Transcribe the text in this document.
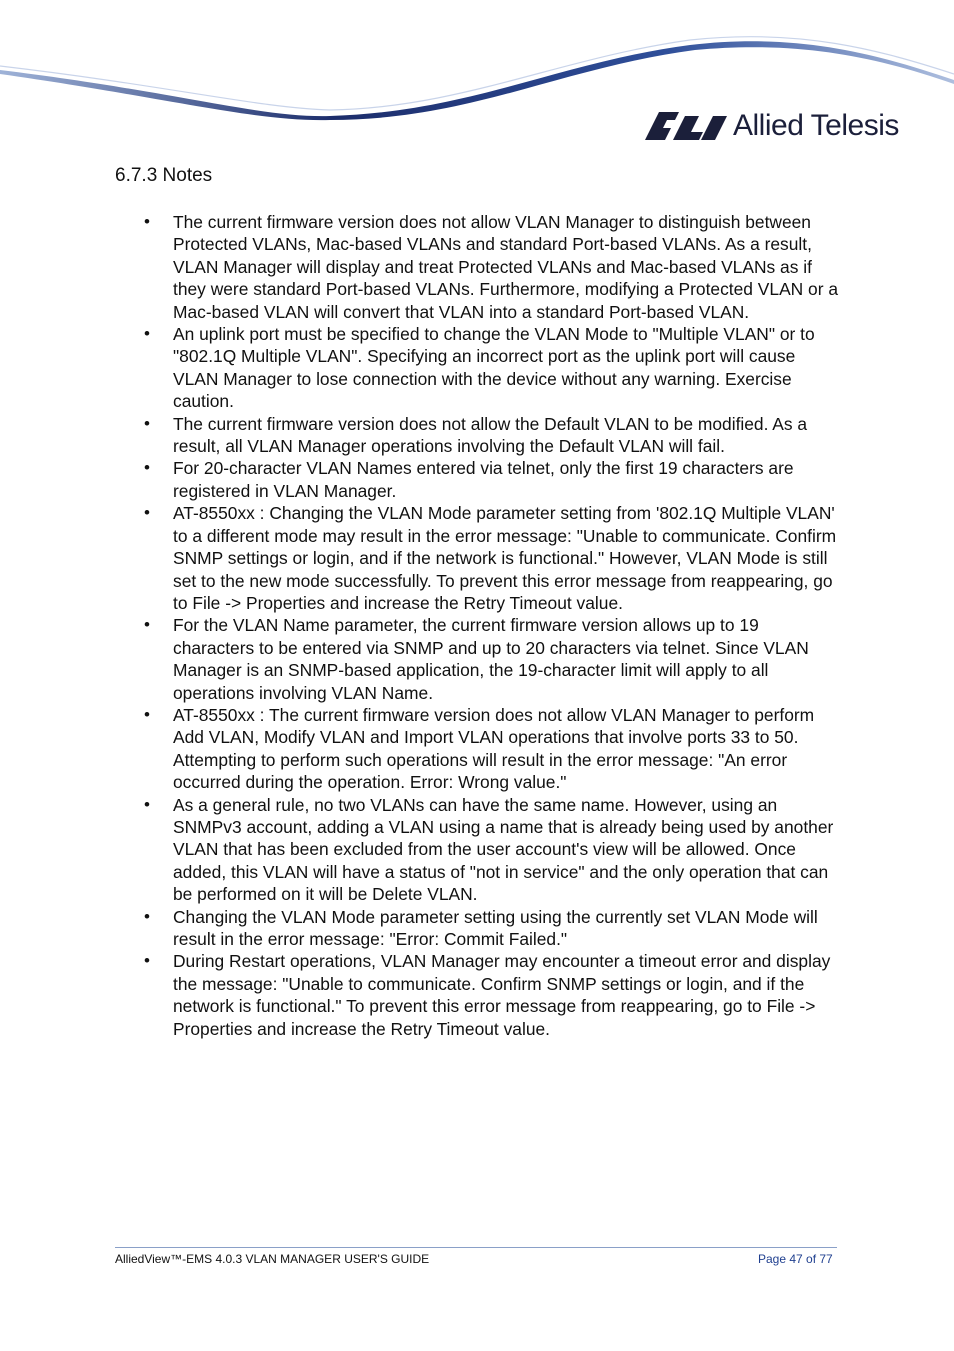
Allied Telesis
6.7.3 Notes
• The current firmware version does not allow VLAN Manager to distinguish between Protected VLANs, Mac-based VLANs and standard Port-based VLANs. As a result, VLAN Manager will display and treat Protected VLANs and Mac-based VLANs as if they were standard Port-based VLANs. Furthermore, modifying a Protected VLAN or a Mac-based VLAN will convert that VLAN into a standard Port-based VLAN.
• An uplink port must be specified to change the VLAN Mode to "Multiple VLAN" or to "802.1Q Multiple VLAN". Specifying an incorrect port as the uplink port will cause VLAN Manager to lose connection with the device without any warning. Exercise caution.
• The current firmware version does not allow the Default VLAN to be modified. As a result, all VLAN Manager operations involving the Default VLAN will fail.
• For 20-character VLAN Names entered via telnet, only the first 19 characters are registered in VLAN Manager.
• AT-8550xx : Changing the VLAN Mode parameter setting from '802.1Q Multiple VLAN' to a different mode may result in the error message: "Unable to communicate. Confirm SNMP settings or login, and if the network is functional." However, VLAN Mode is still set to the new mode successfully. To prevent this error message from reappearing, go to File -> Properties and increase the Retry Timeout value.
• For the VLAN Name parameter, the current firmware version allows up to 19 characters to be entered via SNMP and up to 20 characters via telnet. Since VLAN Manager is an SNMP-based application, the 19-character limit will apply to all operations involving VLAN Name.
• AT-8550xx : The current firmware version does not allow VLAN Manager to perform Add VLAN, Modify VLAN and Import VLAN operations that involve ports 33 to 50. Attempting to perform such operations will result in the error message: "An error occurred during the operation. Error: Wrong value."
• As a general rule, no two VLANs can have the same name. However, using an SNMPv3 account, adding a VLAN using a name that is already being used by another VLAN that has been excluded from the user account's view will be allowed. Once added, this VLAN will have a status of "not in service" and the only operation that can be performed on it will be Delete VLAN.
• Changing the VLAN Mode parameter setting using the currently set VLAN Mode will result in the error message: "Error: Commit Failed."
• During Restart operations, VLAN Manager may encounter a timeout error and display the message: "Unable to communicate. Confirm SNMP settings or login, and if the network is functional." To prevent this error message from reappearing, go to File -> Properties and increase the Retry Timeout value.
AlliedView™-EMS 4.0.3 VLAN MANAGER USER'S GUIDE	Page 47 of 77
